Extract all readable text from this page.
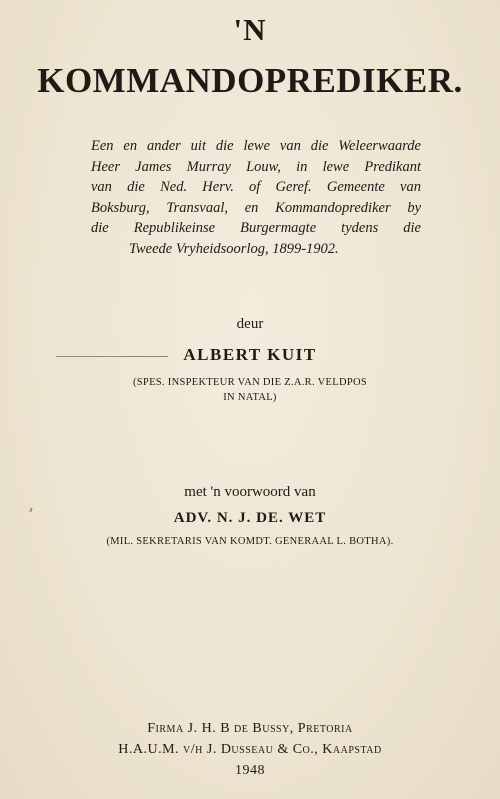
'N
KOMMANDOPREDIKER.
Een en ander uit die lewe van die Weleerwaarde
Heer James Murray Louw, in lewe Predikant
van die Ned. Herv. of Geref. Gemeente van
Boksburg, Transvaal, en Kommandoprediker by
die Republikeinse Burgermagte tydens die
Tweede Vryheidsoorlog, 1899-1902.
deur
ALBERT KUIT
(SPES. INSPEKTEUR VAN DIE Z.A.R. VELDPOS
IN NATAL)
met 'n voorwoord van
ADV. N. J. DE. WET
(MIL. SEKRETARIS VAN KOMDT. GENERAAL L. BOTHA).
Firma J. H. B de Bussy, Pretoria
H.A.U.M. v/h J. Dusseau & Co., Kaapstad
1948
